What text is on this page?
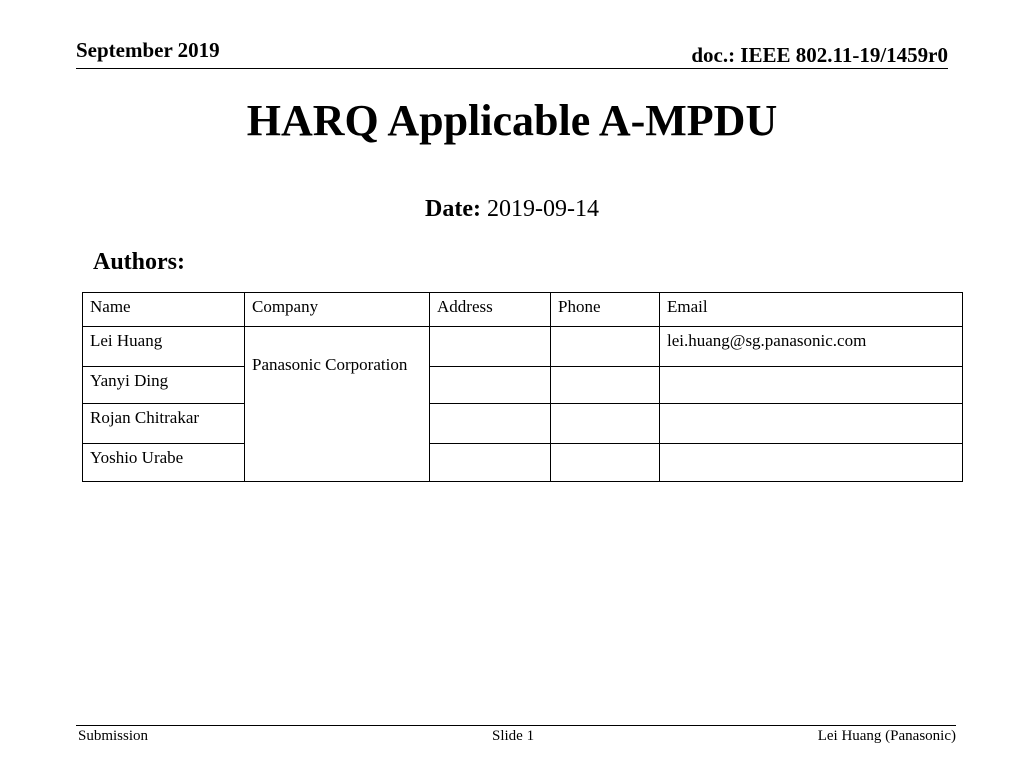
September 2019	doc.: IEEE 802.11-19/1459r0
HARQ Applicable A-MPDU
Date: 2019-09-14
Authors:
Name	Company	Address	Phone	Email
Lei Huang	Panasonic Corporation			lei.huang@sg.panasonic.com
Yanyi Ding				
Rojan Chitrakar				
Yoshio Urabe				
Submission	Slide 1	Lei Huang (Panasonic)
